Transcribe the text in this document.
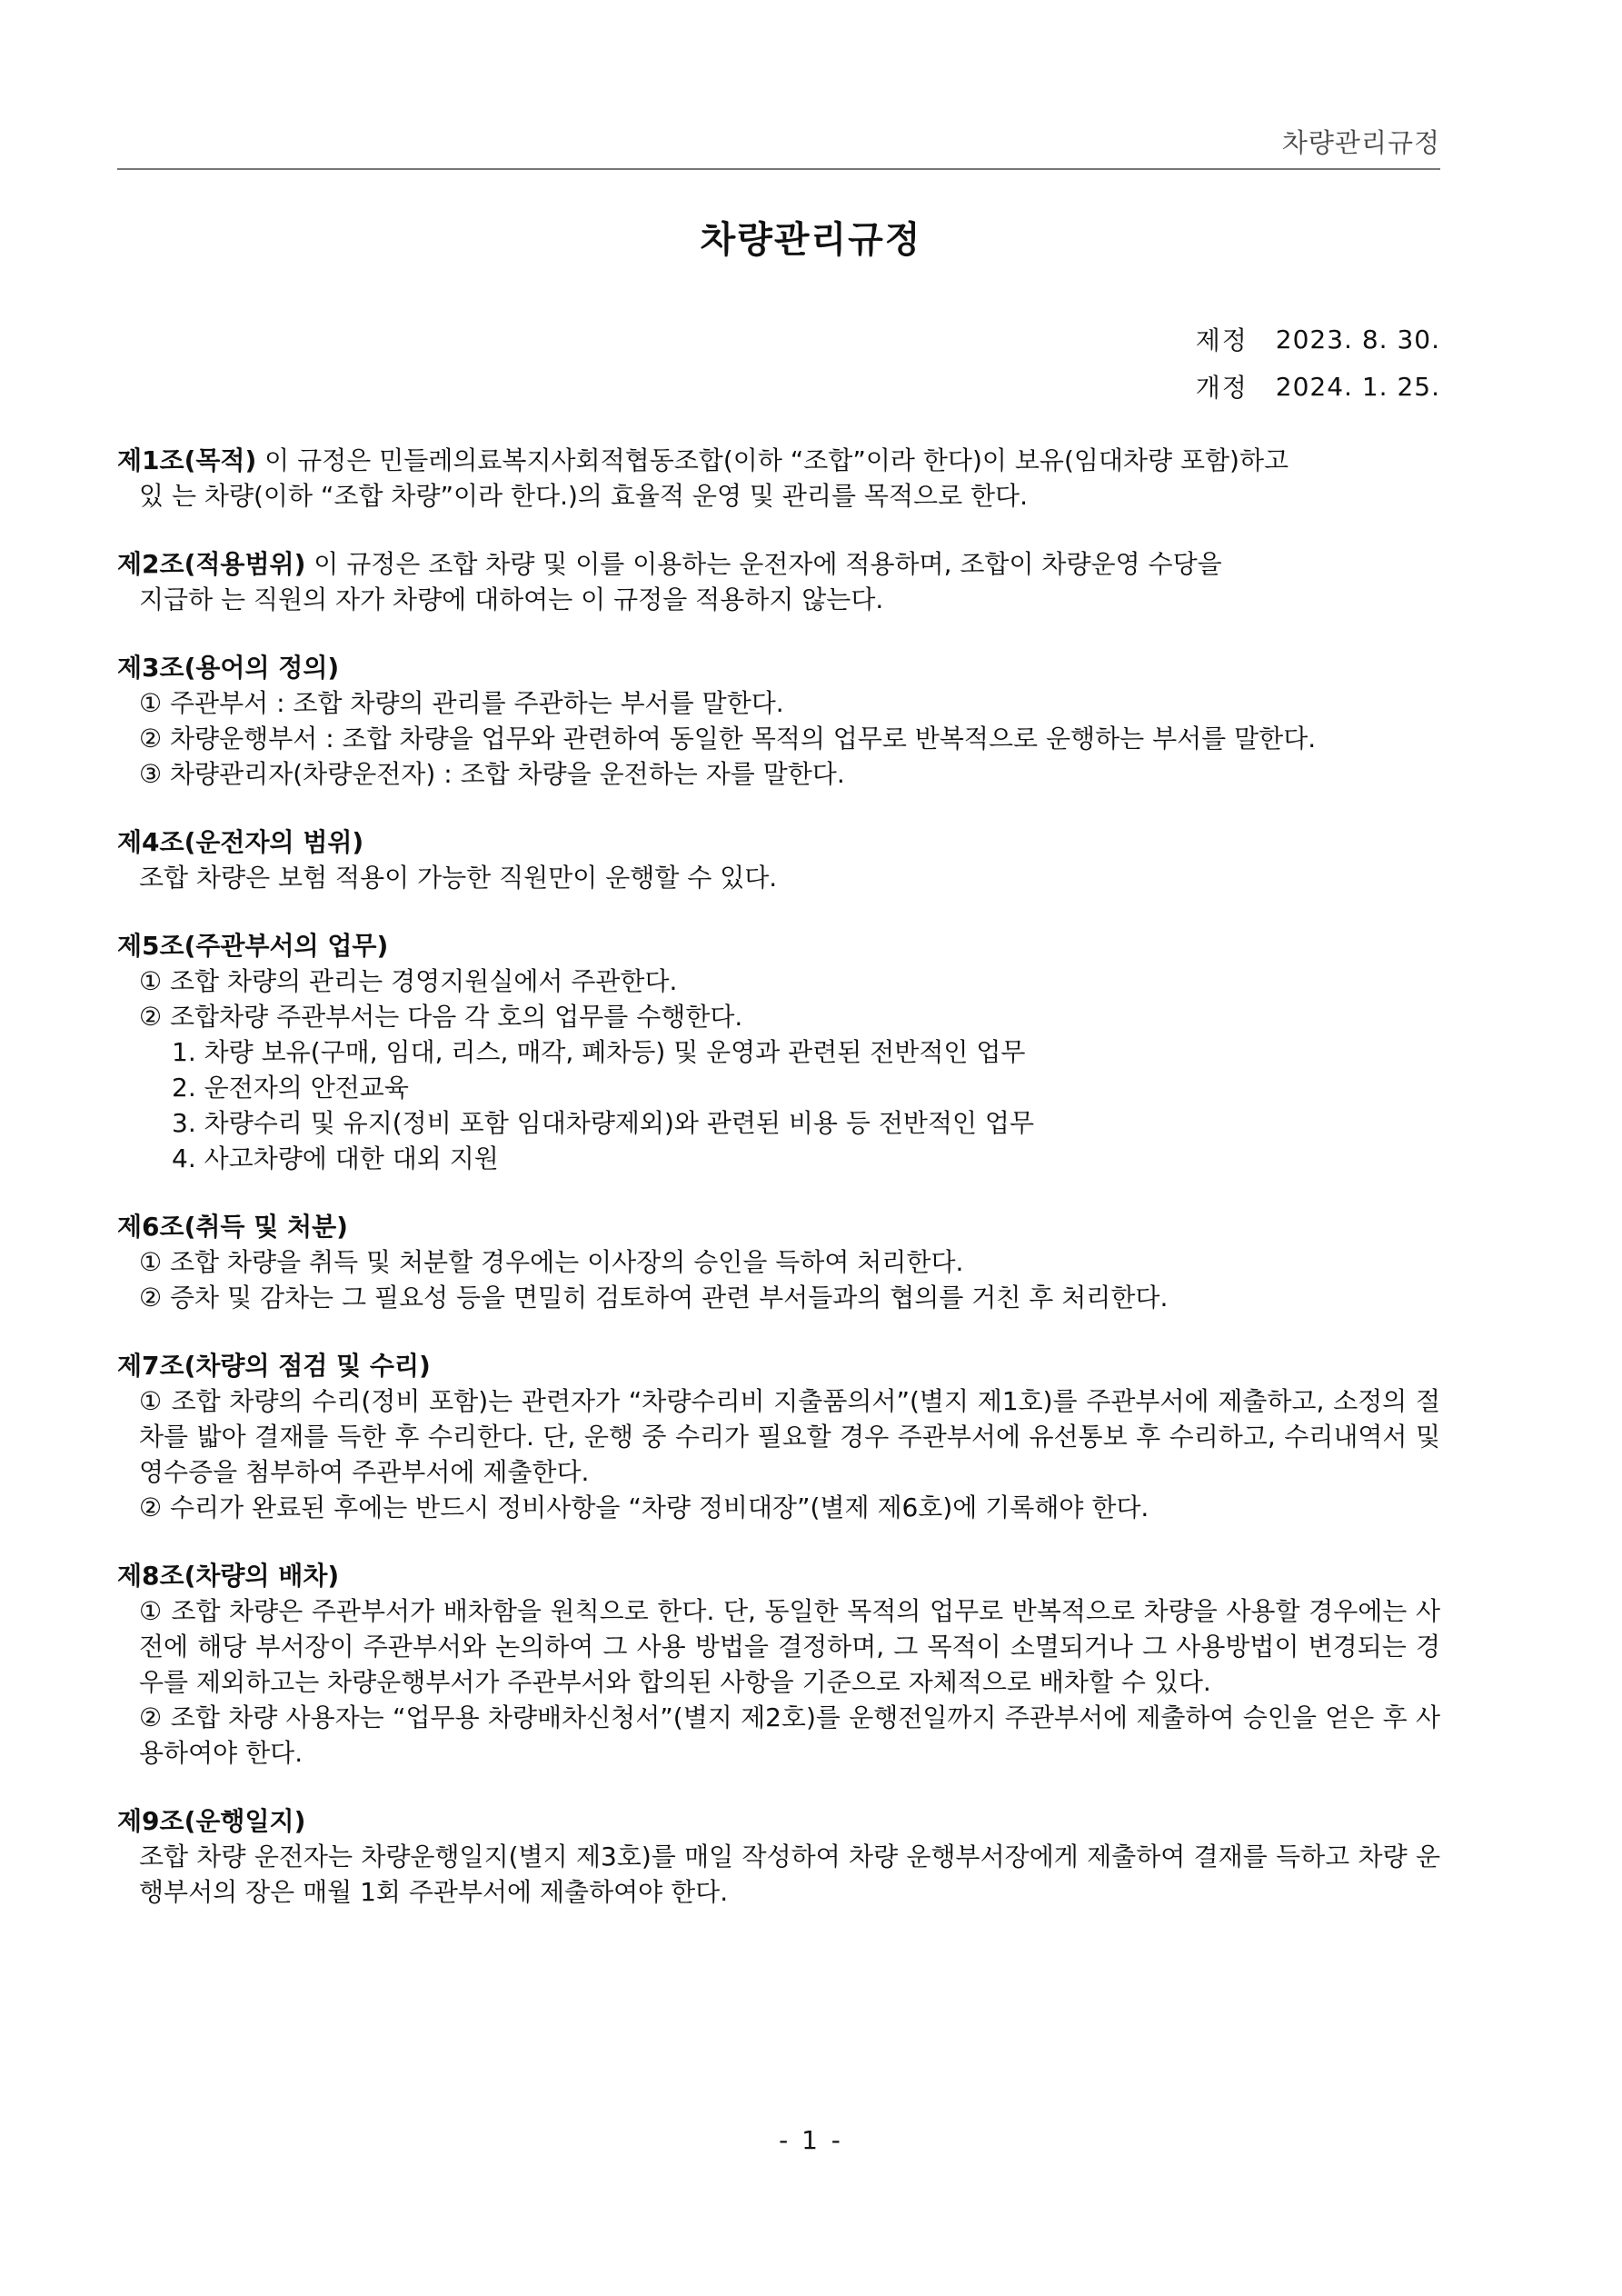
차량관리규정
차량관리규정
제정 2023. 8. 30.
개정 2024. 1. 25.
제1조(목적) 이 규정은 민들레의료복지사회적협동조합(이하 “조합”이라 한다)이 보유(임대차량 포함)하고
있 는 차량(이하 “조합 차량”이라 한다.)의 효율적 운영 및 관리를 목적으로 한다.
제2조(적용범위) 이 규정은 조합 차량 및 이를 이용하는 운전자에 적용하며, 조합이 차량운영 수당을
지급하 는 직원의 자가 차량에 대하여는 이 규정을 적용하지 않는다.
제3조(용어의 정의)
① 주관부서 : 조합 차량의 관리를 주관하는 부서를 말한다.
② 차량운행부서 : 조합 차량을 업무와 관련하여 동일한 목적의 업무로 반복적으로 운행하는 부서를 말한다.
③ 차량관리자(차량운전자) : 조합 차량을 운전하는 자를 말한다.
제4조(운전자의 범위)
조합 차량은 보험 적용이 가능한 직원만이 운행할 수 있다.
제5조(주관부서의 업무)
① 조합 차량의 관리는 경영지원실에서 주관한다.
② 조합차량 주관부서는 다음 각 호의 업무를 수행한다.
1. 차량 보유(구매, 임대, 리스, 매각, 폐차등) 및 운영과 관련된 전반적인 업무
2. 운전자의 안전교육
3. 차량수리 및 유지(정비 포함 임대차량제외)와 관련된 비용 등 전반적인 업무
4. 사고차량에 대한 대외 지원
제6조(취득 및 처분)
① 조합 차량을 취득 및 처분할 경우에는 이사장의 승인을 득하여 처리한다.
② 증차 및 감차는 그 필요성 등을 면밀히 검토하여 관련 부서들과의 협의를 거친 후 처리한다.
제7조(차량의 점검 및 수리)
① 조합 차량의 수리(정비 포함)는 관련자가 “차량수리비 지출품의서”(별지 제1호)를 주관부서에 제출하고, 소정의 절차를 밟아 결재를 득한 후 수리한다. 단, 운행 중 수리가 필요할 경우 주관부서에 유선통보 후 수리하고, 수리내역서 및 영수증을 첨부하여 주관부서에 제출한다.
② 수리가 완료된 후에는 반드시 정비사항을 “차량 정비대장”(별제 제6호)에 기록해야 한다.
제8조(차량의 배차)
① 조합 차량은 주관부서가 배차함을 원칙으로 한다. 단, 동일한 목적의 업무로 반복적으로 차량을 사용할 경우에는 사전에 해당 부서장이 주관부서와 논의하여 그 사용 방법을 결정하며, 그 목적이 소멸되거나 그 사용방법이 변경되는 경우를 제외하고는 차량운행부서가 주관부서와 합의된 사항을 기준으로 자체적으로 배차할 수 있다.
② 조합 차량 사용자는 “업무용 차량배차신청서”(별지 제2호)를 운행전일까지 주관부서에 제출하여 승인을 얻은 후 사용하여야 한다.
제9조(운행일지)
조합 차량 운전자는 차량운행일지(별지 제3호)를 매일 작성하여 차량 운행부서장에게 제출하여 결재를 득하고 차량 운행부서의 장은 매월 1회 주관부서에 제출하여야 한다.
- 1 -
